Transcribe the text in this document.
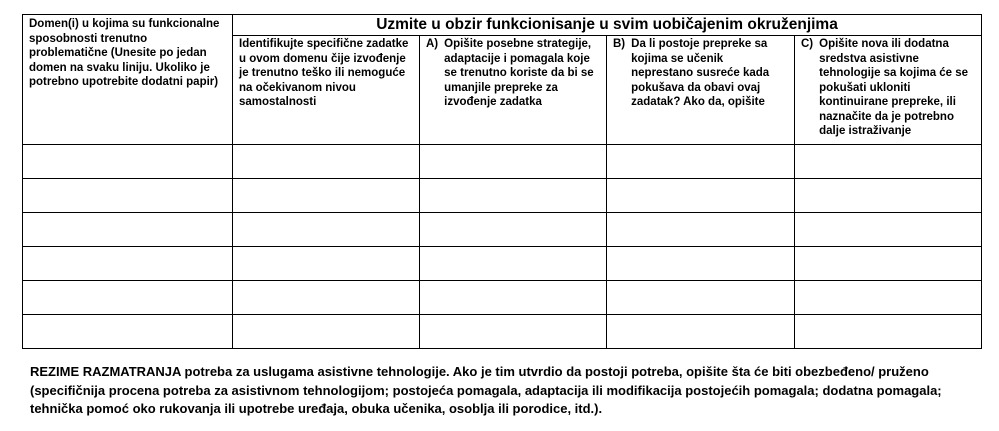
Domen(i) u kojima su funkcionalne sposobnosti trenutno problematične (Unesite po jedan domen na svaku liniju. Ukoliko je potrebno upotrebite dodatni papir)	Uzmite u obzir funkcionisanje u svim uobičajenim okruženjima			

	Identifikujte specifične zadatke u ovom domenu čije izvođenje je trenutno teško ili nemoguće na očekivanom nivou samostalnosti	A) Opišite posebne strategije, adaptacije i pomagala koje se trenutno koriste da bi se umanjile prepreke za izvođenje zadatka	B) Da li postoje prepreke sa kojima se učenik neprestano susreće kada pokušava da obavi ovaj zadatak? Ako da, opišite	C) Opišite nova ili dodatna sredstva asistivne tehnologije sa kojima će se pokušati ukloniti kontinuirane prepreke, ili naznačite da je potrebno dalje istraživanje

REZIME RAZMATRANJA potreba za uslugama asistivne tehnologije. Ako je tim utvrdio da postoji potreba, opišite šta će biti obezbeđeno/ pruženo (specifičnija procena potreba za asistivnom tehnologijom; postojeća pomagala, adaptacija ili modifikacija postojećih pomagala; dodatna pomagala; tehnička pomoć oko rukovanja ili upotrebe uređaja, obuka učenika, osoblja ili porodice, itd.).
